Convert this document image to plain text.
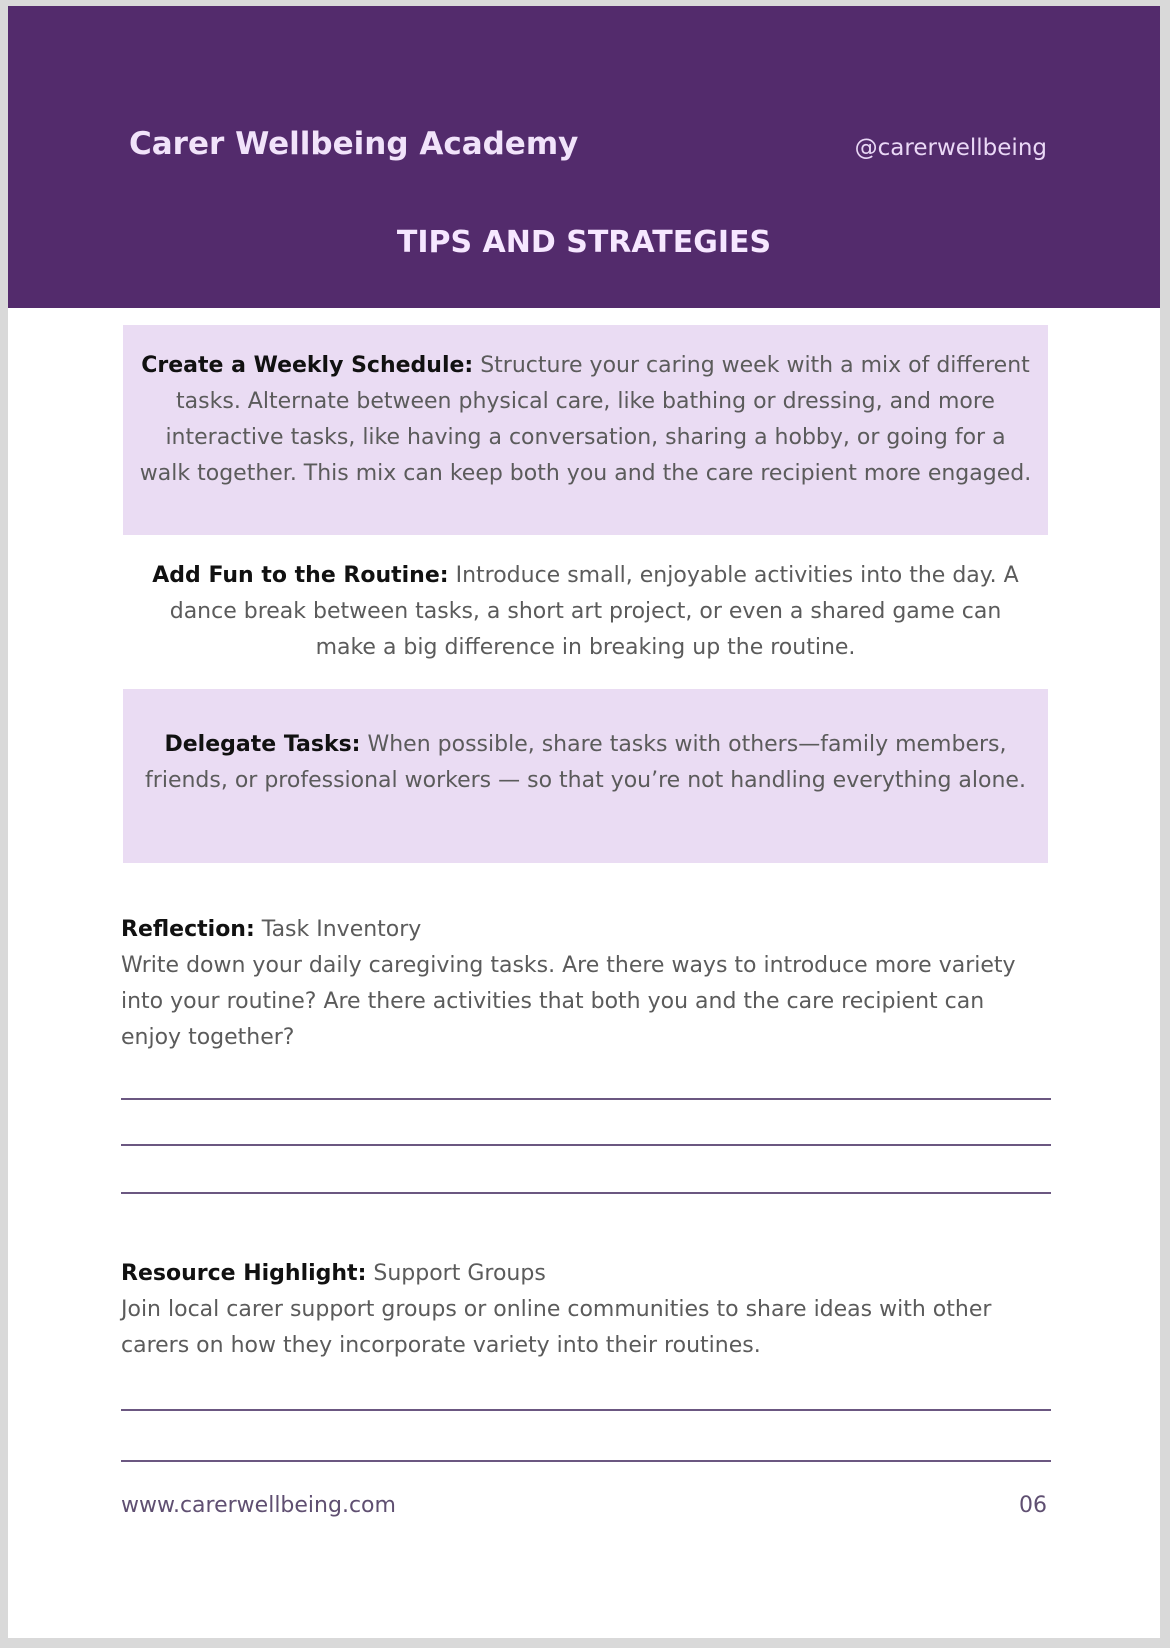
Carer Wellbeing Academy	@carerwellbeing
TIPS AND STRATEGIES
Create a Weekly Schedule: Structure your caring week with a mix of different tasks. Alternate between physical care, like bathing or dressing, and more interactive tasks, like having a conversation, sharing a hobby, or going for a walk together. This mix can keep both you and the care recipient more engaged.
Add Fun to the Routine: Introduce small, enjoyable activities into the day. A dance break between tasks, a short art project, or even a shared game can make a big difference in breaking up the routine.
Delegate Tasks: When possible, share tasks with others—family members, friends, or professional workers — so that you’re not handling everything alone.
Reflection: Task Inventory
Write down your daily caregiving tasks. Are there ways to introduce more variety into your routine? Are there activities that both you and the care recipient can enjoy together?
Resource Highlight: Support Groups
Join local carer support groups or online communities to share ideas with other carers on how they incorporate variety into their routines.
www.carerwellbeing.com	06
